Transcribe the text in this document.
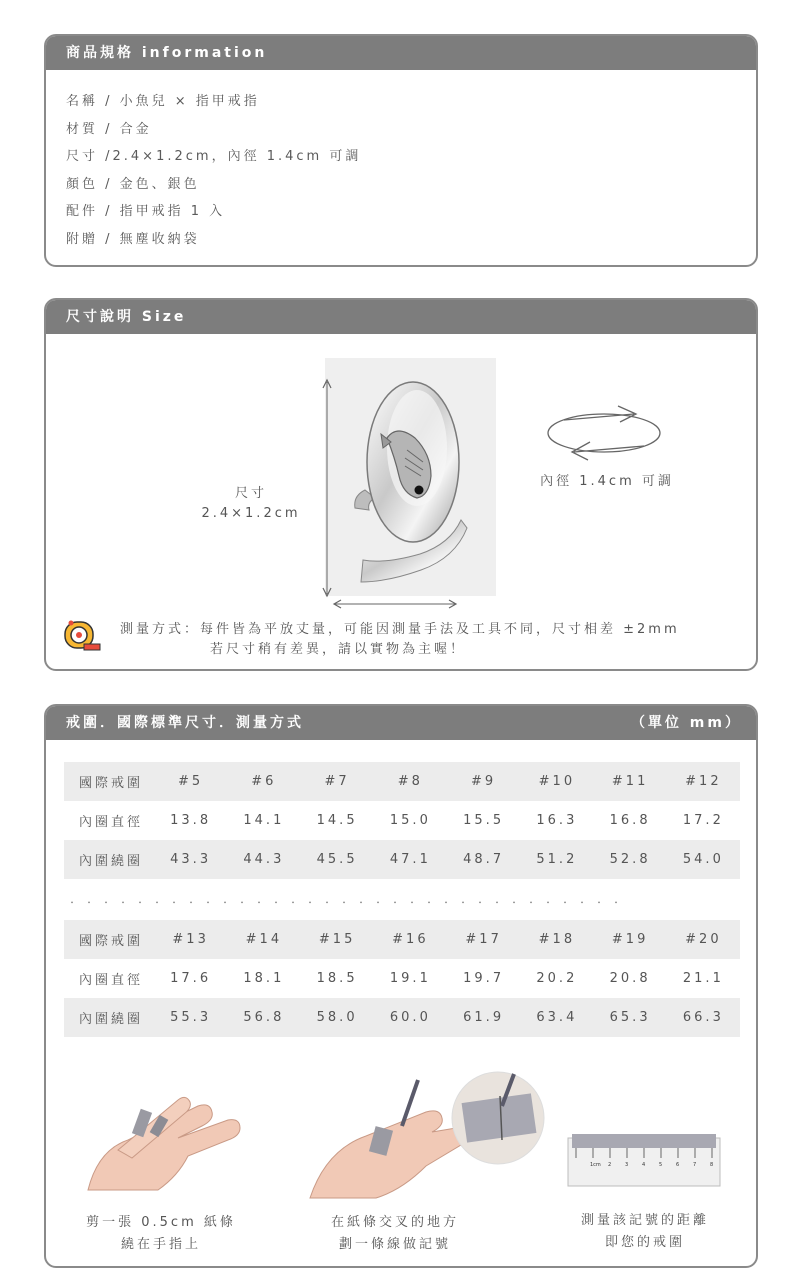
商品規格 information
名稱 / 小魚兒 × 指甲戒指
材質 / 合金
尺寸 /2.4×1.2cm，內徑 1.4cm 可調
顏色 / 金色、銀色
配件 / 指甲戒指 1 入
附贈 / 無塵收納袋
尺寸說明 Size
尺寸
2.4×1.2cm
內徑 1.4cm 可調
測量方式：每件皆為平放丈量，可能因測量手法及工具不同，尺寸相差 ±2mm
若尺寸稍有差異，請以實物為主喔！
戒圍．國際標準尺寸．測量方式	（單位 mm）
國際戒圍	#5	#6	#7	#8	#9	#10	#11	#12
內圈直徑	13.8	14.1	14.5	15.0	15.5	16.3	16.8	17.2
內圍繞圈	43.3	44.3	45.5	47.1	48.7	51.2	52.8	54.0
．．．．．．．．．．．．．．．．．．．．．．．．．．．．．．．．．
國際戒圍	#13	#14	#15	#16	#17	#18	#19	#20
內圈直徑	17.6	18.1	18.5	19.1	19.7	20.2	20.8	21.1
內圍繞圈	55.3	56.8	58.0	60.0	61.9	63.4	65.3	66.3
1cm 2	3	4	5	6	7	8
剪一張 0.5cm 紙條
繞在手指上
在紙條交叉的地方
劃一條線做記號
測量該記號的距離
即您的戒圍
